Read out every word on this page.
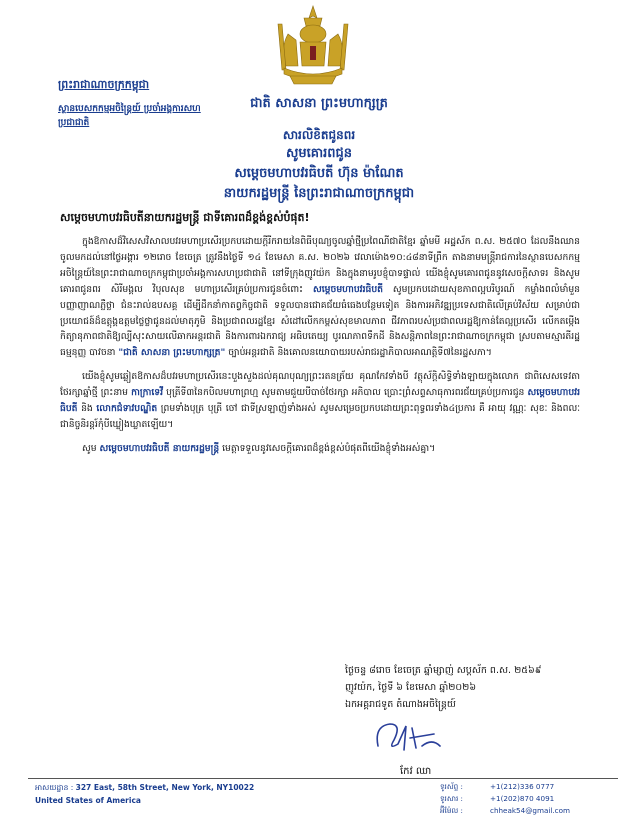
ព្រះរាជាណាចក្រកម្ពុជា
ស្ថានបេសកកម្មអចិន្ត្រៃយ៍ ប្រចាំអង្គការសហប្រជាជាតិ
ជាតិ សាសនា ព្រះមហាក្សត្រ
សារលិខិតជូនពរ
សូមគោរពជូន
សម្តេចមហាបវរធិបតី ហ៊ុន ម៉ាណែត
នាយករដ្ឋមន្ត្រី នៃព្រះរាជាណាចក្រកម្ពុជា
សម្តេចមហាបវរធិបតីនាយករដ្ឋមន្ត្រី ជាទីគោរពដ៏ខ្ពង់ខ្ពស់បំផុត!

ក្នុងឱកាសដ៏វិសេសវិសាលបវរមហាប្រសើរប្រកបដោយក្តីរីករាយនៃពិធីបុណ្យចូលឆ្នាំថ្មីប្រពៃណីជាតិខ្មែរ ឆ្នាំមមី អដ្ឋស័ក ព.ស. ២៥៧០ ដែលនឹងឈានចូលមកដល់នៅថ្ងៃអង្គារ ១២រោច ខែចេត្រ ត្រូវនឹងថ្ងៃទី ១៤ ខែមេសា គ.ស. ២០២៦ វេលាម៉ោង១០:៤៨នាទីព្រឹក តាងនាមមន្ត្រីរាជការនៃស្ថានបេសកកម្មអចិន្ត្រៃយ៍នៃព្រះរាជាណាចក្រកម្ពុជាប្រចាំអង្គការសហប្រជាជាតិ នៅទីក្រុងញូវយ៉ក និងក្នុងនាមរូបខ្ញុំបាទផ្ទាល់ យើងខ្ញុំសូមគោរពជូននូវសេចក្តីសាទរ និងសូមគោរពជូនពរ សិរីមង្គល វិបុលសុខ មហាប្រសើរគ្រប់ប្រការជូនចំពោះ សម្តេចមហាបវរធិបតី សូមប្រកបដោយសុខភាពល្អបរិបូរណ៍ កម្លាំងពលំមាំមួន បញ្ញាញាណភ្លឺថ្លា ជំនះរាល់ឧបសគ្គ ដើម្បីដឹកនាំកាតព្វកិច្ចជាតិ ទទួលបានជោគជ័យធំធេងបន្ថែមទៀត និងការអភិវឌ្ឍប្រទេសជាតិលើគ្រប់វិស័យ សម្រាប់ជាប្រយោជន៍ដ៏ឧត្តុង្គឧត្តមថ្លៃថ្លាជូនដល់មាតុភូមិ និងប្រជាពលរដ្ឋខ្មែរ សំដៅលើកកម្ពស់សុខមាលភាព ជីវភាពរបស់ប្រជាពលរដ្ឋឱ្យកាន់តែល្អប្រសើរ លើកតម្កើងកិត្យានុភាពជាតិឱ្យល្បីសុះសាយលើឆាកអន្តរជាតិ និងការពារឯករាជ្យ អធិបតេយ្យ បូរណភាពទឹកដី និងសន្តិភាពនៃព្រះរាជាណាចក្រកម្ពុជា ស្របតាមស្មារតីរដ្ឋធម្មនុញ្ញ បាវចនា "ជាតិ សាសនា ព្រះមហាក្សត្រ" ច្បាប់អន្តរជាតិ និងគោលនយោបាយរបស់រាជរដ្ឋាភិបាលអាណត្តិទី៧នៃរដ្ឋសភា។

យើងខ្ញុំសូមឆ្លៀតឱកាសដ៏បវរមហាប្រសើរនេះបួងសួងដល់គុណបុណ្យព្រះរតនត្រ័យ គុណកែវទាំងបី វត្ថុស័ក្តិសិទ្ធិទាំងឡាយក្នុងលោក ជាពិសេសទេវតាថែរក្សាឆ្នាំថ្មី ព្រះនាម កាក្រាទេវី បុត្រីទី៣នៃកបិលមហាព្រហ្ម សូមតាមជួយបីបាច់ថែរក្សា អភិបាល ប្រោះព្រំសព្ទសាធុការពរជ័យគ្រប់ប្រការជូន សម្តេចមហាបវរធិបតី និង លោកជំទាវបណ្ឌិត ព្រមទាំងបុត្រ បុត្រី ចៅ ជាទីស្រឡាញ់ទាំងអស់ សូមសម្រេចប្រកបដោយព្រះពុទ្ធពរទាំង៤ប្រការ គឺ អាយុ វណ្ណៈ សុខៈ និងពលៈ ជានិច្ចនិរន្តរ៍កុំបីឃ្លៀងឃ្លាតឡើយ។

សូម សម្តេចមហាបវរធិបតី នាយករដ្ឋមន្ត្រី មេត្តាទទួលនូវសេចក្តីគោរពដ៏ខ្ពង់ខ្ពស់បំផុតពីយើងខ្ញុំទាំងអស់គ្នា។

ថ្ងៃចន្ទ ៨រោច ខែចេត្រ ឆ្នាំម្សាញ់ សប្តស័ក ព.ស. ២៥៦៩
ញូវយ៉ក, ថ្ងៃទី ៦ ខែមេសា ឆ្នាំ២០២៦
ឯកអគ្គរាជទូត តំណាងអចិន្ត្រៃយ៍
កែវ ឈា
អាសយដ្ឋាន : 327 East, 58th Street, New York, NY10022
United States of America
ទូរស័ព្ទ :	+1(212)336 0777
ទូរសារ :	+1(202)870 4091
អ៊ីម៉ែល :	chheak54@gmail.com
